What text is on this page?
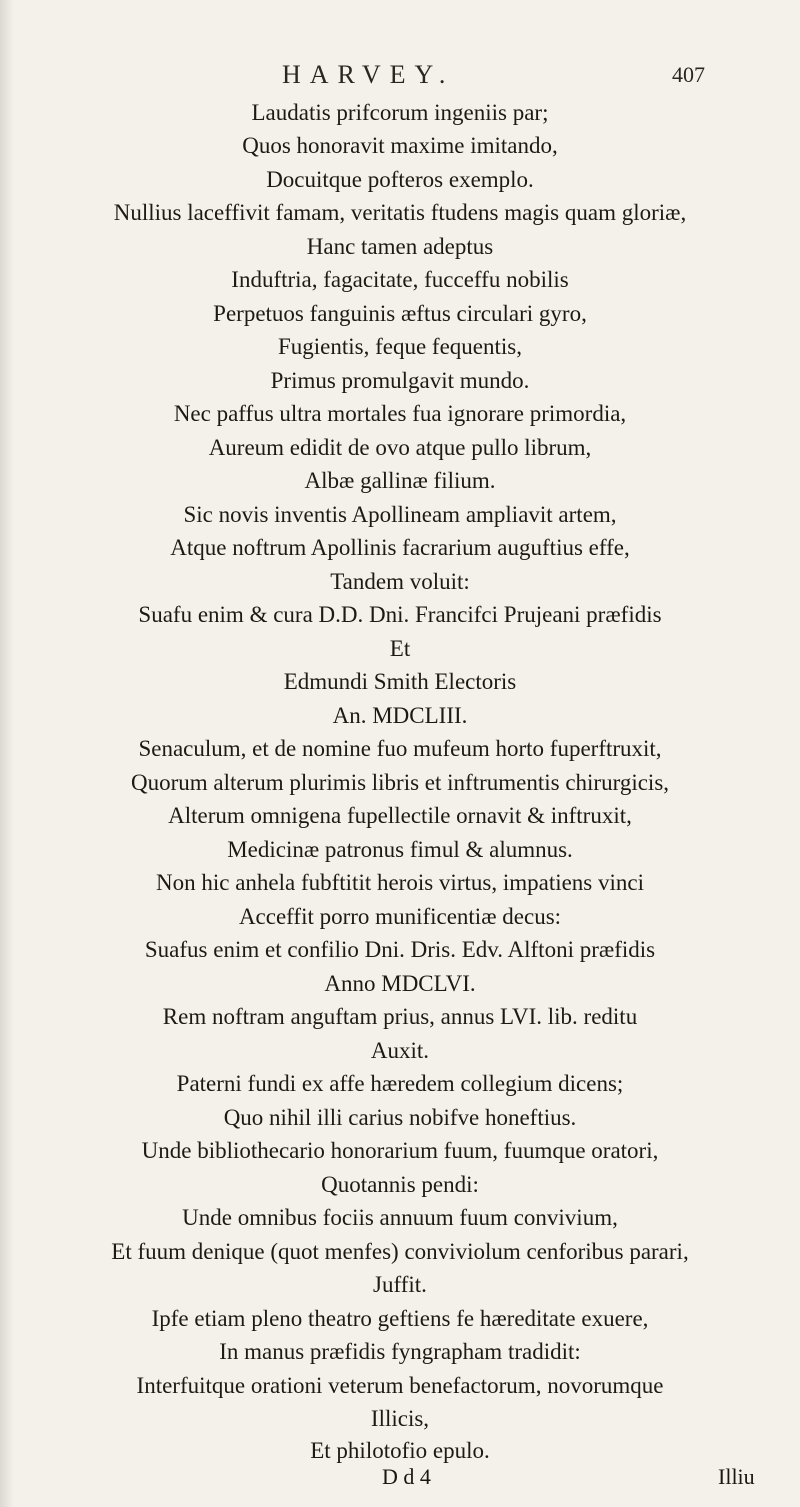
HARVEY.	407
Laudatis prifcorum ingeniis par;
Quos honoravit maxime imitando,
Docuitque pofteros exemplo.
Nullius laceffivit famam, veritatis ftudens magis quam gloriæ,
Hanc tamen adeptus
Induftria, fagacitate, fucceffu nobilis
Perpetuos fanguinis æftus circulari gyro,
Fugientis, feque fequentis,
Primus promulgavit mundo.
Nec paffus ultra mortales fua ignorare primordia,
Aureum edidit de ovo atque pullo librum,
Albæ gallinæ filium.
Sic novis inventis Apollineam ampliavit artem,
Atque noftrum Apollinis facrarium auguftius effe,
Tandem voluit:
Suafu enim & cura D.D. Dni. Francifci Prujeani præfidis
Et
Edmundi Smith Electoris
An. MDCLIII.
Senaculum, et de nomine fuo mufeum horto fuperftruxit,
Quorum alterum plurimis libris et inftrumentis chirurgicis,
Alterum omnigena fupellectile ornavit & inftruxit,
Medicinæ patronus fimul & alumnus.
Non hic anhela fubftitit herois virtus, impatiens vinci
Acceffit porro munificentiæ decus:
Suafus enim et confilio Dni. Dris. Edv. Alftoni præfidis
Anno MDCLVI.
Rem noftram anguftam prius, annus LVI. lib. reditu
Auxit.
Paterni fundi ex affe hæredem collegium dicens;
Quo nihil illi carius nobifve honeftius.
Unde bibliothecario honorarium fuum, fuumque oratori,
Quotannis pendi:
Unde omnibus fociis annuum fuum convivium,
Et fuum denique (quot menfes) conviviolum cenforibus parari,
Juffit.
Ipfe etiam pleno theatro geftiens fe hæreditate exuere,
In manus præfidis fyngrapham tradidit:
Interfuitque orationi veterum benefactorum, novorumque
Illicis,
Et philotofio epulo.
D d 4	Illiu
